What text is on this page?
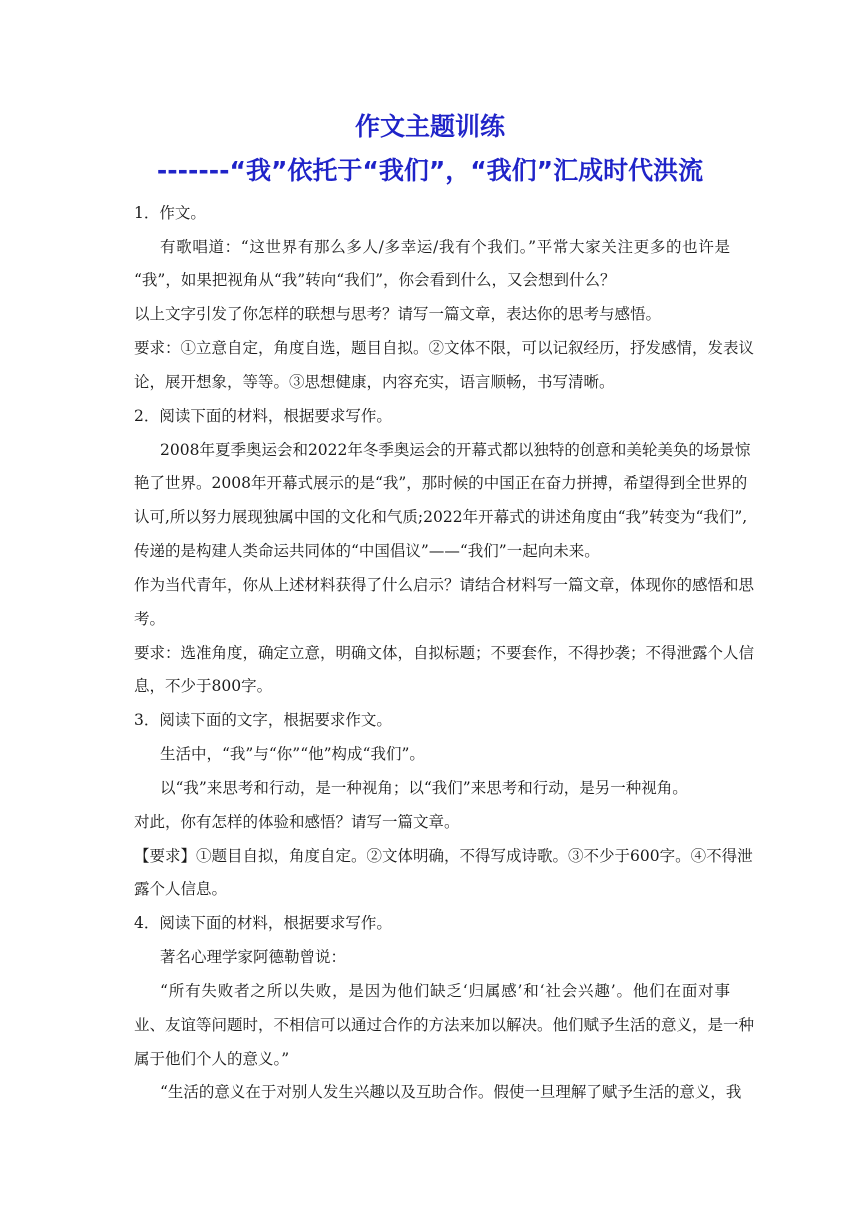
作文主题训练
-------“我”依托于“我们”，“我们”汇成时代洪流

1．作文。

有歌唱道：“这世界有那么多人/多幸运/我有个我们。”平常大家关注更多的也许是

“我”，如果把视角从“我”转向“我们”，你会看到什么，又会想到什么？

以上文字引发了你怎样的联想与思考？请写一篇文章，表达你的思考与感悟。

要求：①立意自定，角度自选，题目自拟。②文体不限，可以记叙经历，抒发感情，发表议

论，展开想象，等等。③思想健康，内容充实，语言顺畅，书写清晰。

2．阅读下面的材料，根据要求写作。

2008年夏季奥运会和2022年冬季奥运会的开幕式都以独特的创意和美轮美奂的场景惊

艳了世界。2008年开幕式展示的是“我”，那时候的中国正在奋力拼搏，希望得到全世界的

认可,所以努力展现独属中国的文化和气质;2022年开幕式的讲述角度由“我”转变为“我们”,

传递的是构建人类命运共同体的“中国倡议”——“我们”一起向未来。

作为当代青年，你从上述材料获得了什么启示？请结合材料写一篇文章，体现你的感悟和思

考。

要求：选准角度，确定立意，明确文体，自拟标题；不要套作，不得抄袭；不得泄露个人信

息，不少于800字。

3．阅读下面的文字，根据要求作文。

生活中，“我”与“你”“他”构成“我们”。

以“我”来思考和行动，是一种视角；以“我们”来思考和行动，是另一种视角。

对此，你有怎样的体验和感悟？请写一篇文章。

【要求】①题目自拟，角度自定。②文体明确，不得写成诗歌。③不少于600字。④不得泄

露个人信息。

4．阅读下面的材料，根据要求写作。

著名心理学家阿德勒曾说：

“所有失败者之所以失败，是因为他们缺乏‘归属感’和‘社会兴趣’。他们在面对事

业、友谊等问题时，不相信可以通过合作的方法来加以解决。他们赋予生活的意义，是一种

属于他们个人的意义。”

“生活的意义在于对别人发生兴趣以及互助合作。假使一旦理解了赋予生活的意义，我
